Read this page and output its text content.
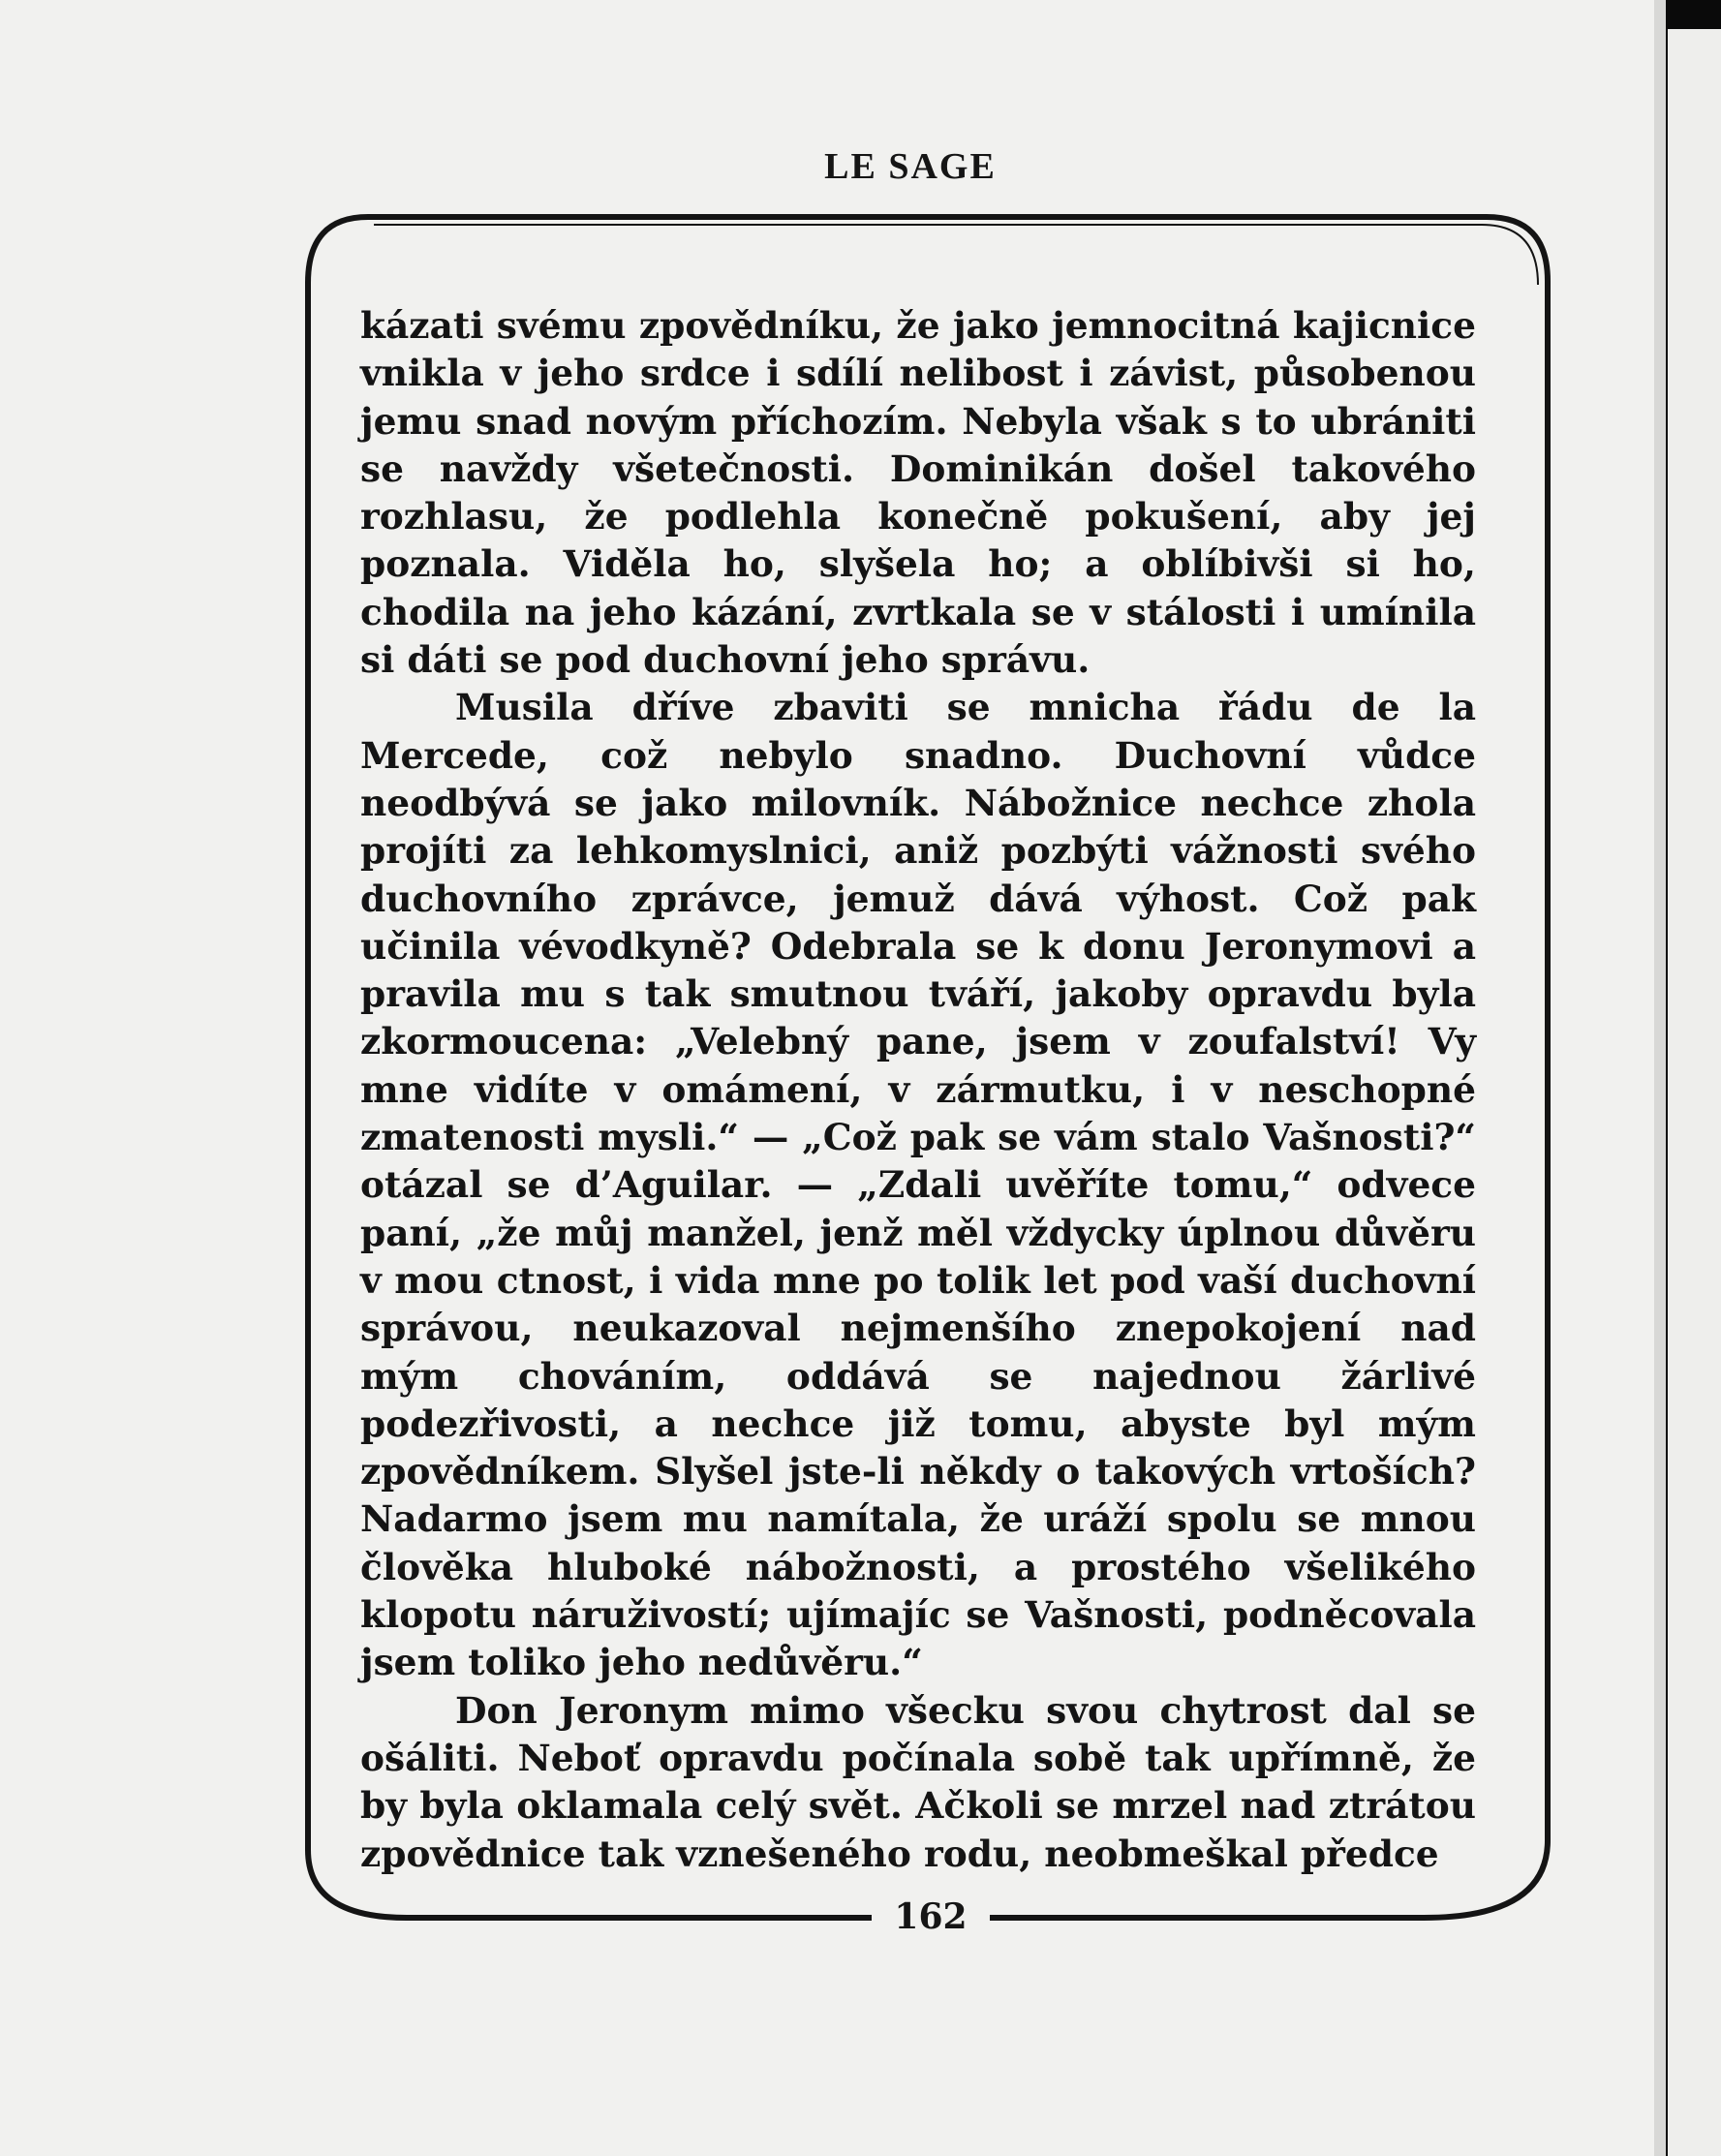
LE SAGE

kázati svému zpovědníku, že jako jemnocitná kajicnice vnikla v jeho srdce i sdílí nelibost i závist, působenou jemu snad novým příchozím. Nebyla však s to ubrániti se navždy všetečnosti. Dominikán došel takového rozhlasu, že podlehla konečně pokušení, aby jej poznala. Viděla ho, slyšela ho; a oblíbivši si ho, chodila na jeho kázání, zvrtkala se v stálosti i umínila si dáti se pod duchovní jeho správu.

Musila dříve zbaviti se mnicha řádu de la Mercede, což nebylo snadno. Duchovní vůdce neodbývá se jako milovník. Nábožnice nechce zhola projíti za lehkomyslnici, aniž pozbýti vážnosti svého duchovního zprávce, jemuž dává výhost. Což pak učinila vévodkyně? Odebrala se k donu Jeronymovi a pravila mu s tak smutnou tváří, jakoby opravdu byla zkormoucena: „Velebný pane, jsem v zoufalství! Vy mne vidíte v omámení, v zármutku, i v neschopné zmatenosti mysli.“ — „Což pak se vám stalo Vašnosti?“ otázal se d’Aguilar. — „Zdali uvěříte tomu,“ odvece paní, „že můj manžel, jenž měl vždycky úplnou důvěru v mou ctnost, i vida mne po tolik let pod vaší duchovní správou, neukazoval nejmenšího znepokojení nad mým chováním, oddává se najednou žárlivé podezřivosti, a nechce již tomu, abyste byl mým zpovědníkem. Slyšel jste-li někdy o takových vrtoších? Nadarmo jsem mu namítala, že uráží spolu se mnou člověka hluboké nábožnosti, a prostého všelikého klopotu náruživostí; ujímajíc se Vašnosti, podněcovala jsem toliko jeho nedůvěru.“

Don Jeronym mimo všecku svou chytrost dal se ošáliti. Neboť opravdu počínala sobě tak upřímně, že by byla oklamala celý svět. Ačkoli se mrzel nad ztrátou zpovědnice tak vznešeného rodu, neobmeškal předce

162
